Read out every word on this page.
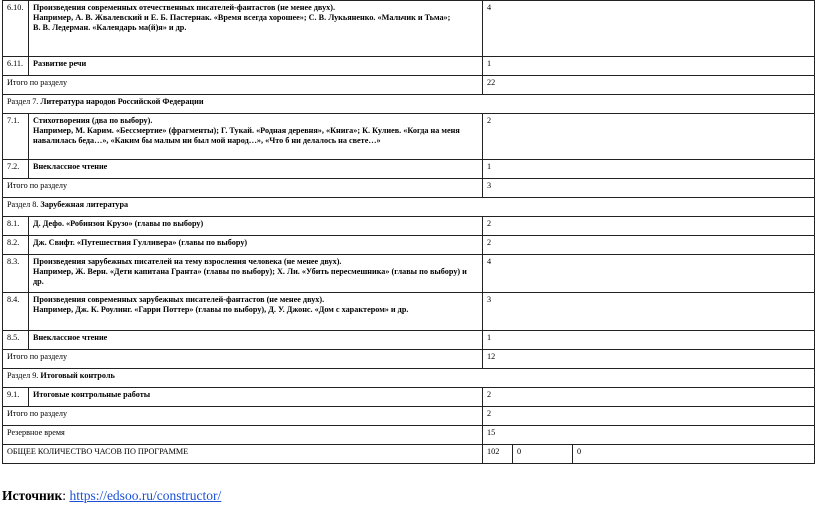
6.10.	Произведения современных отечественных писателей-фантастов (не менее двух).
Например, А. В. Жвалевский и Е. Б. Пастернак. «Время всегда хорошее»; С. В. Лукьяненко. «Мальчик и Тьма»;
В. В. Ледерман. «Календарь ма(й)я» и др.	4		
6.11.	Развитие речи	1		
Итого по разделу		22		
Раздел 7. Литература народов Российской Федерации				
7.1.	Стихотворения (два по выбору).
Например, М. Карим. «Бессмертие» (фрагменты); Г. Тукай. «Родная деревня», «Книга»; К. Кулиев. «Когда на меня навалилась беда…», «Каким бы малым ни был мой народ…», «Что б ни делалось на свете…»	2		
7.2.	Внеклассное чтение	1		
Итого по разделу		3		
Раздел 8. Зарубежная литература				
8.1.	Д. Дефо. «Робинзон Крузо» (главы по выбору)	2		
8.2.	Дж. Свифт. «Путешествия Гулливера» (главы по выбору)	2		
8.3.	Произведения зарубежных писателей на тему взросления человека (не менее двух).
Например, Ж. Верн. «Дети капитана Гранта» (главы по выбору); Х. Ли. «Убить пересмешника» (главы по выбору) и др.	4		
8.4.	Произведения современных зарубежных писателей-фантастов (не менее двух).
Например, Дж. К. Роулинг. «Гарри Поттер» (главы по выбору), Д. У. Джонс. «Дом с характером» и др.	3		
8.5.	Внеклассное чтение	1		
Итого по разделу		12		
Раздел 9. Итоговый контроль				
9.1.	Итоговые контрольные работы	2		
Итого по разделу		2		
Резервное время		15		
ОБЩЕЕ КОЛИЧЕСТВО ЧАСОВ ПО ПРОГРАММЕ		102	0	0
Источник: https://edsoo.ru/constructor/
